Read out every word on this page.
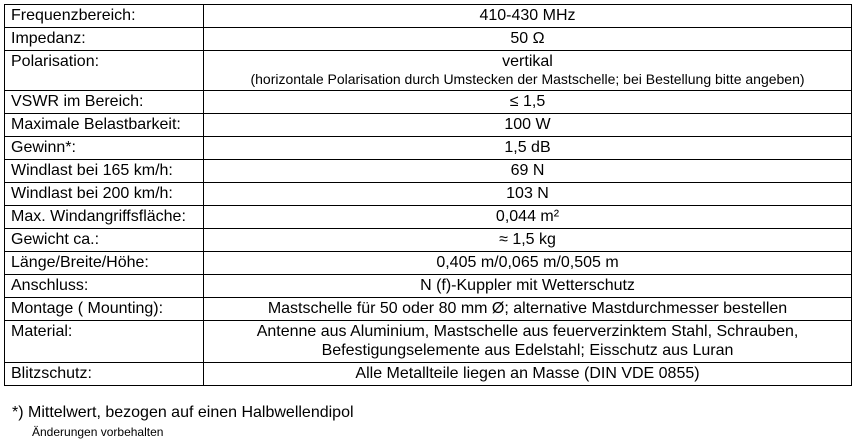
Frequenzbereich:	410-430 MHz
Impedanz:	50 Ω
Polarisation:	vertikal
(horizontale Polarisation durch Umstecken der Mastschelle; bei Bestellung bitte angeben)

VSWR im Bereich:	≤ 1,5
Maximale Belastbarkeit:	100 W
Gewinn*:	1,5 dB
Windlast bei 165 km/h:	69 N
Windlast bei 200 km/h:	103 N
Max. Windangriffsfläche:	0,044 m²
Gewicht ca.:	≈ 1,5 kg
Länge/Breite/Höhe:	0,405 m/0,065 m/0,505 m
Anschluss:	N (f)-Kuppler mit Wetterschutz
Montage ( Mounting):	Mastschelle für 50 oder 80 mm Ø; alternative Mastdurchmesser bestellen
Material:	Antenne aus Aluminium, Mastschelle aus feuerverzinktem Stahl, Schrauben,
Befestigungselemente aus Edelstahl; Eisschutz aus Luran

Blitzschutz:	Alle Metallteile liegen an Masse (DIN VDE 0855)
*) Mittelwert, bezogen auf einen Halbwellendipol
Änderungen vorbehalten
